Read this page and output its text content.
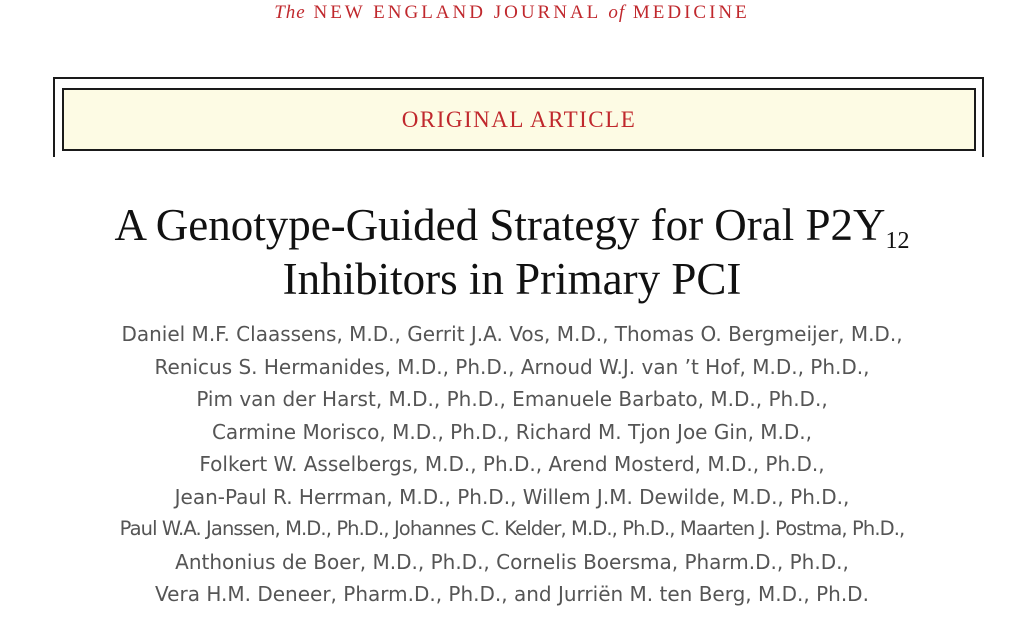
The NEW ENGLAND JOURNAL of MEDICINE
ORIGINAL ARTICLE
A Genotype-Guided Strategy for Oral $P2Y_{12}$
Inhibitors in Primary PCI
Daniel M.F. Claassens, M.D., Gerrit J.A. Vos, M.D., Thomas O. Bergmeijer, M.D.,
Renicus S. Hermanides, M.D., Ph.D., Arnoud W.J. van ’t Hof, M.D., Ph.D.,
Pim van der Harst, M.D., Ph.D., Emanuele Barbato, M.D., Ph.D.,
Carmine Morisco, M.D., Ph.D., Richard M. Tjon Joe Gin, M.D.,
Folkert W. Asselbergs, M.D., Ph.D., Arend Mosterd, M.D., Ph.D.,
Jean-Paul R. Herrman, M.D., Ph.D., Willem J.M. Dewilde, M.D., Ph.D.,
Paul W.A. Janssen, M.D., Ph.D., Johannes C. Kelder, M.D., Ph.D., Maarten J. Postma, Ph.D.,
Anthonius de Boer, M.D., Ph.D., Cornelis Boersma, Pharm.D., Ph.D.,
Vera H.M. Deneer, Pharm.D., Ph.D., and Jurriën M. ten Berg, M.D., Ph.D.
